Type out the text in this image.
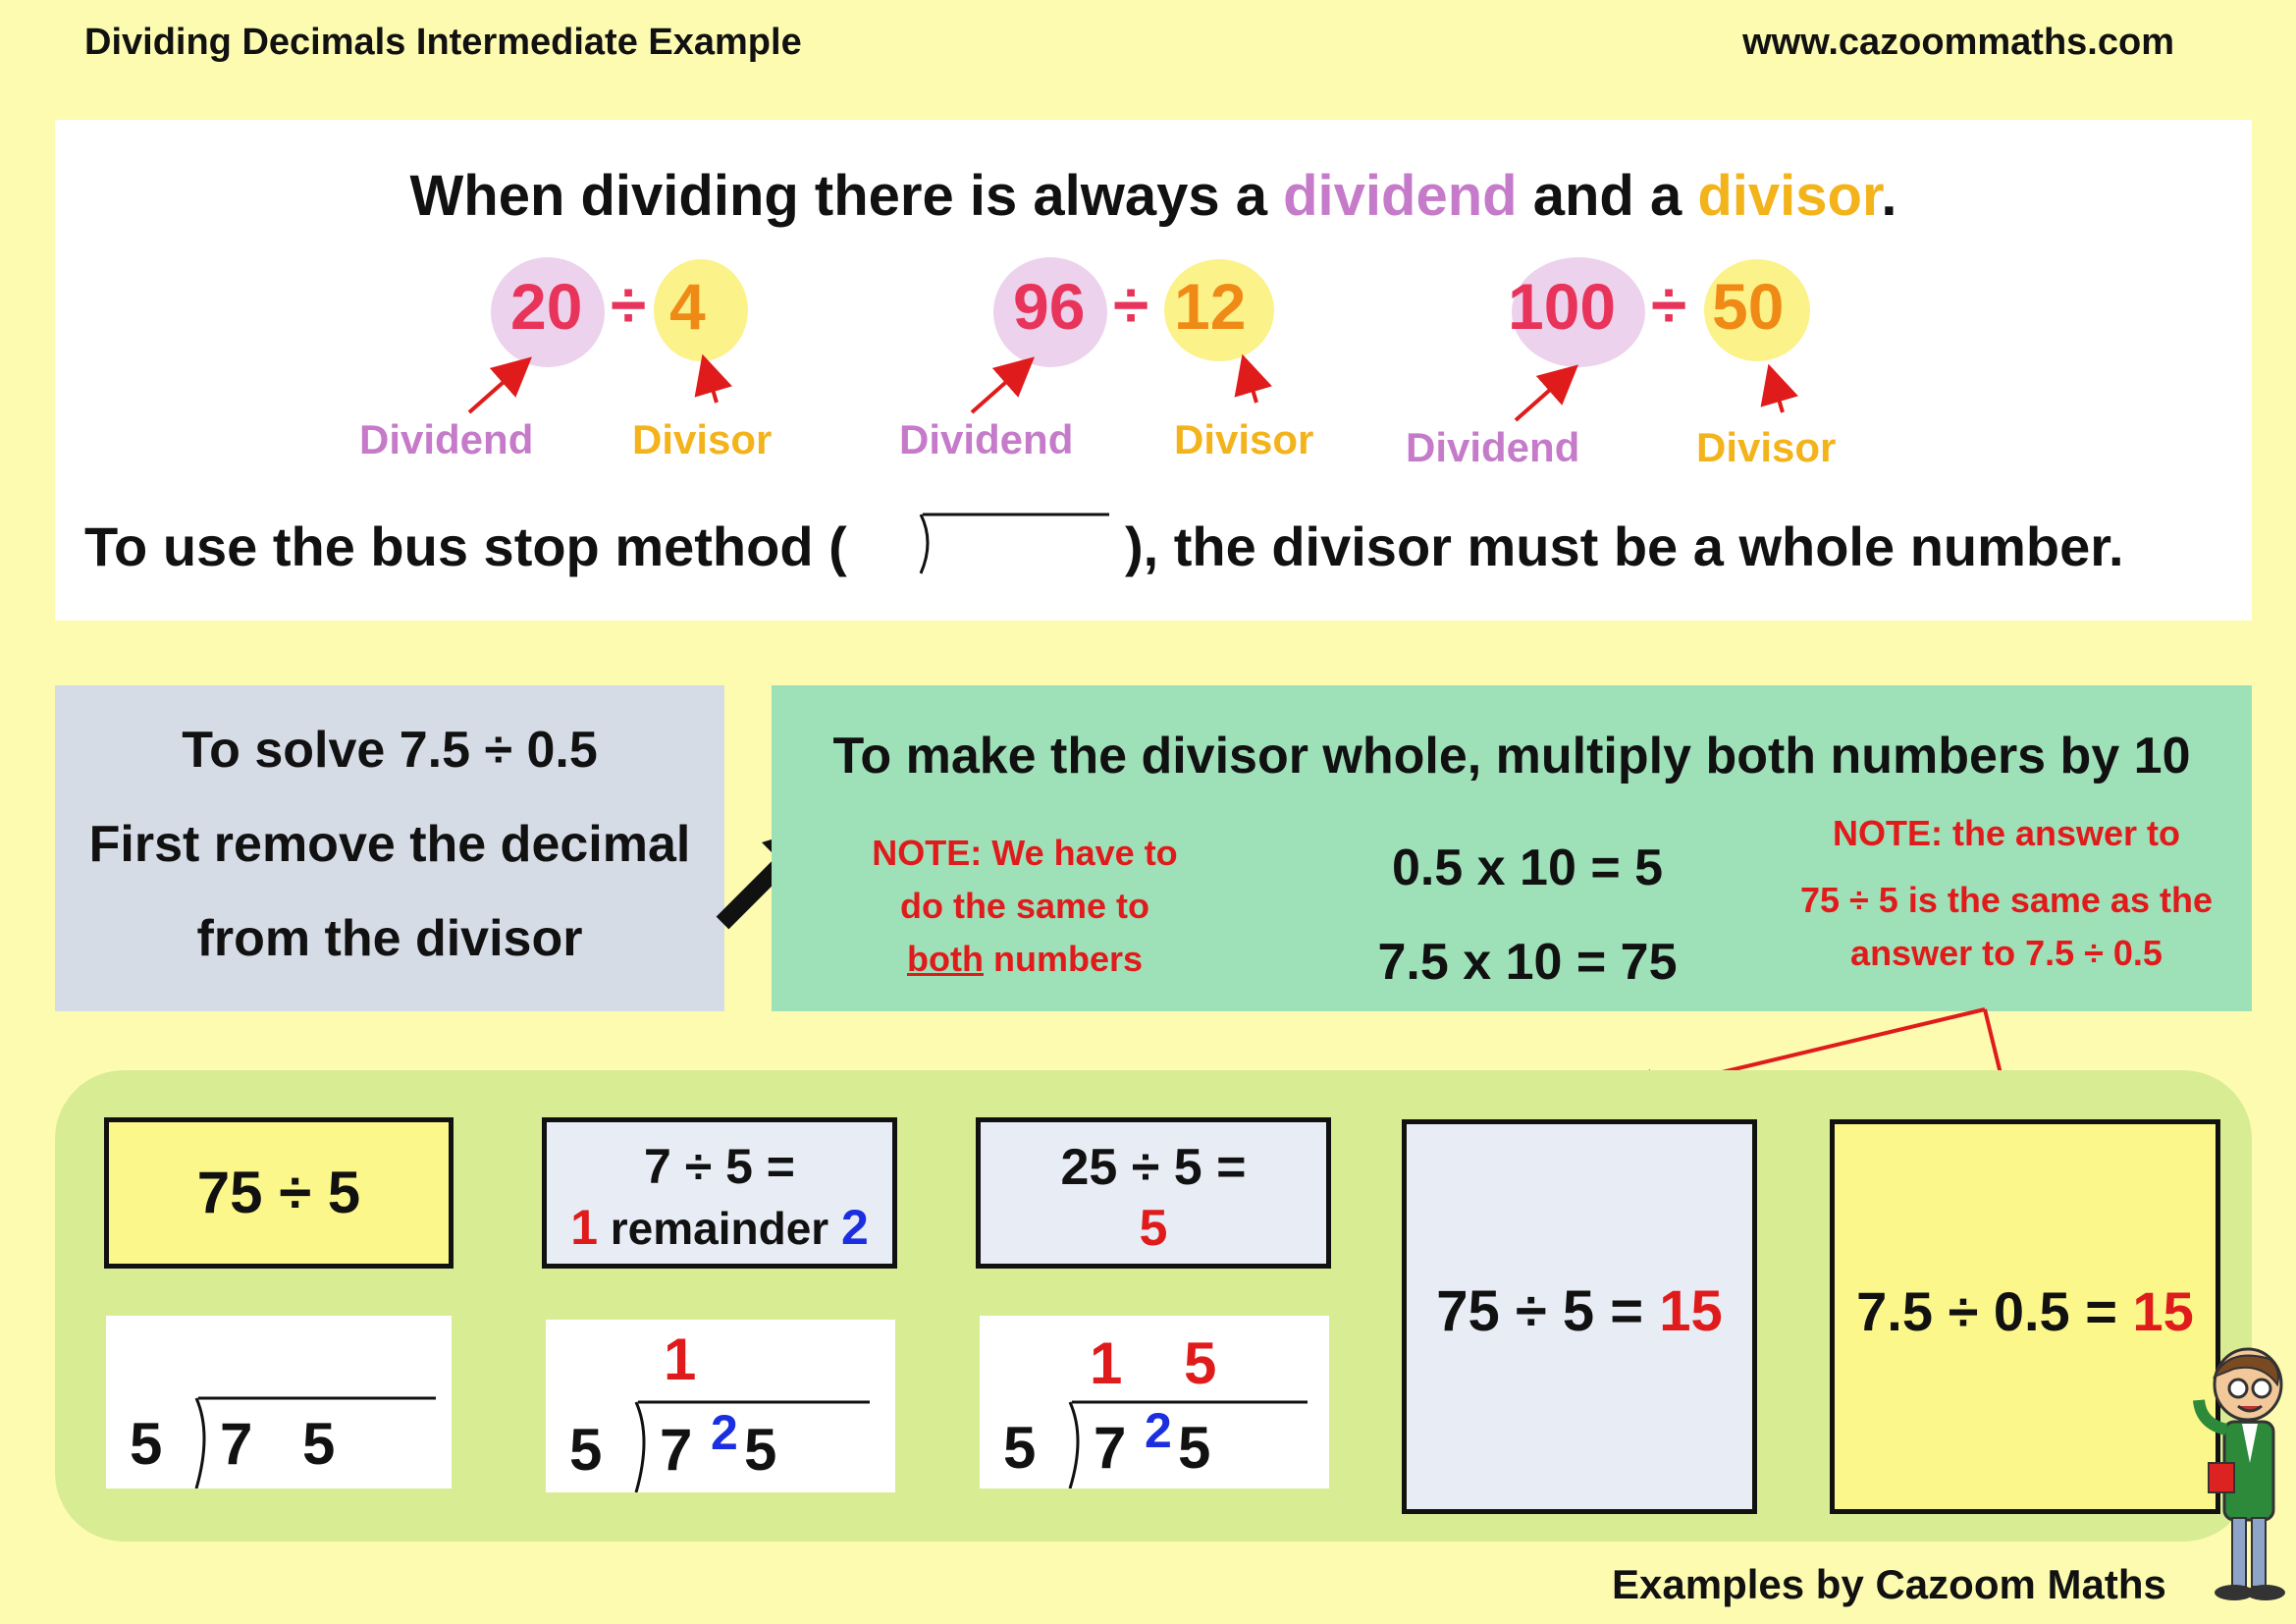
Dividing Decimals Intermediate Example	www.cazoommaths.com
When dividing there is always a dividend and a divisor.
20 ÷ 4
Dividend Divisor
96 ÷ 12
Dividend Divisor
100 ÷ 50
Dividend	Divisor
To use the bus stop method (	), the divisor must be a whole number.
To solve 7.5 ÷ 0.5
First remove the decimal
from the divisor
To make the divisor whole, multiply both numbers by 10
NOTE: We have to
do the same to
both numbers
0.5 x 10 = 5
7.5 x 10 = 75
NOTE: the answer to
75 ÷ 5 is the same as the
answer to 7.5 ÷ 0.5
75 ÷ 5	7 ÷ 5 =
1 remainder 2
25 ÷ 5 =
5
5 7 5
1
5 7 2 5
1 5
5 7 2 5
75 ÷ 5 = 15	7.5 ÷ 0.5 = 15
Examples by Cazoom Maths
